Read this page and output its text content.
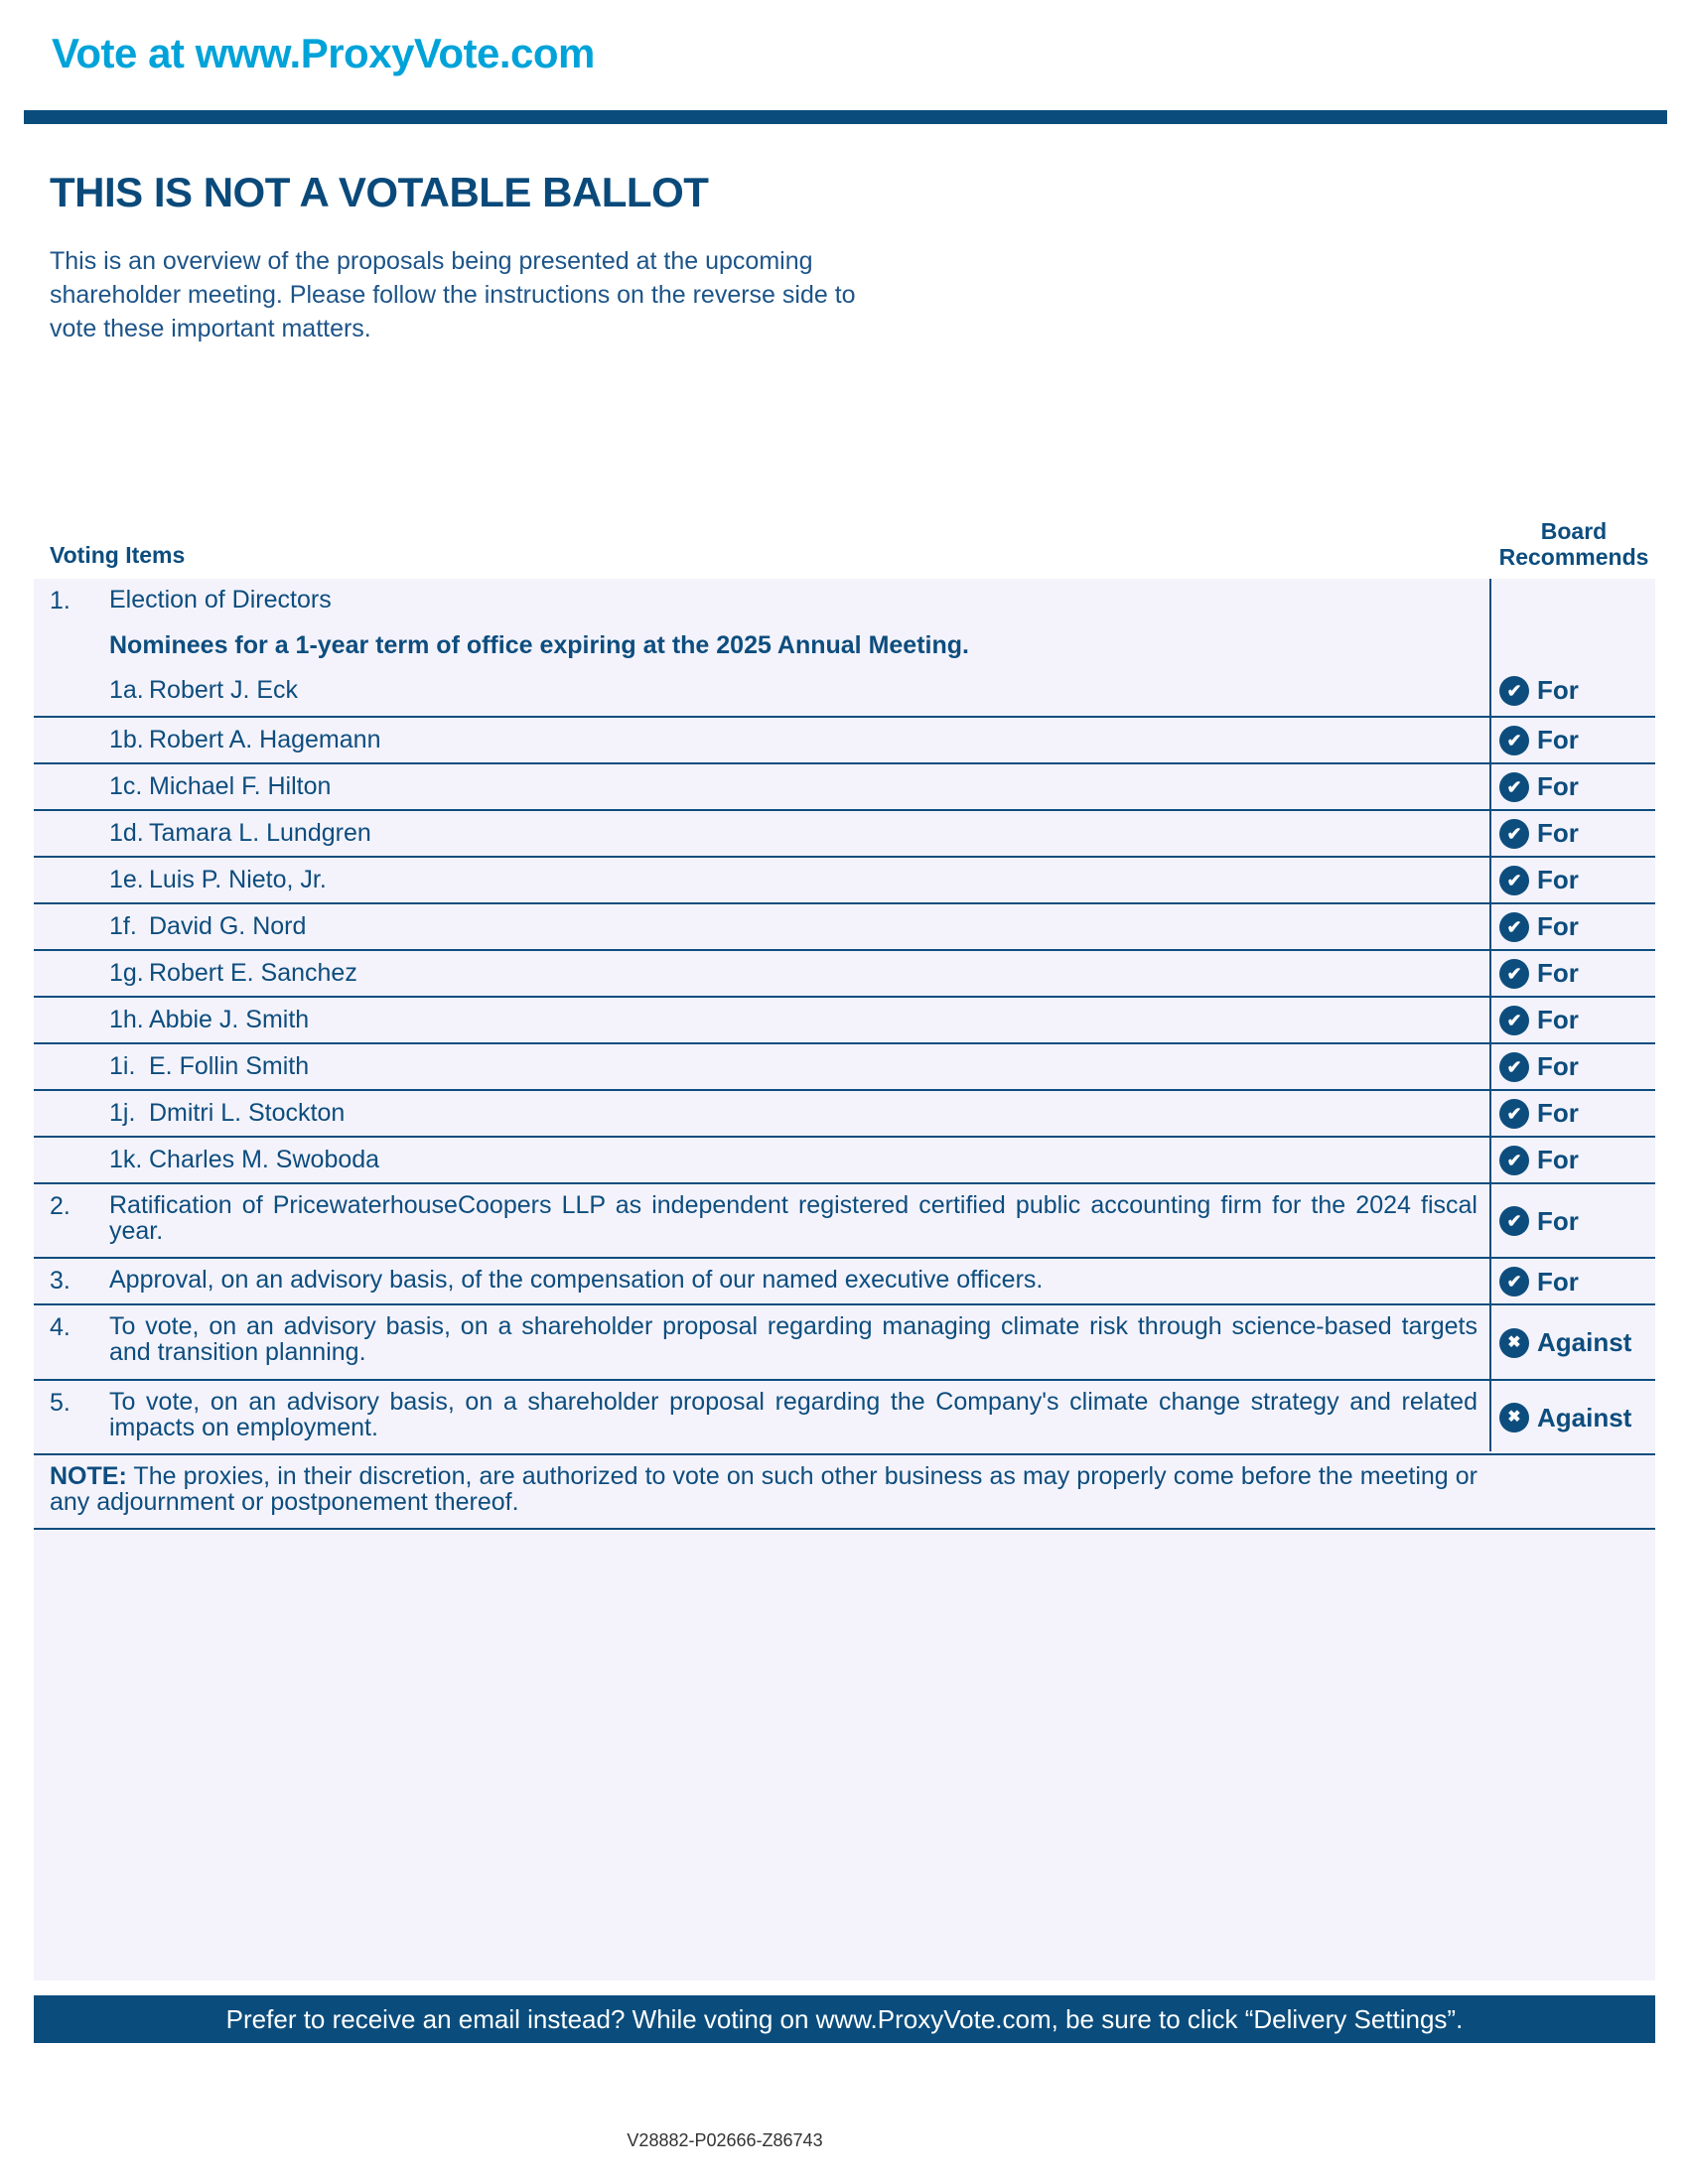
Vote at www.ProxyVote.com
THIS IS NOT A VOTABLE BALLOT
This is an overview of the proposals being presented at the upcoming shareholder meeting. Please follow the instructions on the reverse side to vote these important matters.
Voting Items
Board
Recommends
1. Election of Directors
Nominees for a 1-year term of office expiring at the 2025 Annual Meeting.
1a. Robert J. Eck	✔ For
1b. Robert A. Hagemann	✔ For
1c. Michael F. Hilton	✔ For
1d. Tamara L. Lundgren	✔ For
1e. Luis P. Nieto, Jr.	✔ For
1f. David G. Nord	✔ For
1g. Robert E. Sanchez	✔ For
1h. Abbie J. Smith	✔ For
1i. E. Follin Smith	✔ For
1j. Dmitri L. Stockton	✔ For
1k. Charles M. Swoboda	✔ For
2. Ratification of PricewaterhouseCoopers LLP as independent registered certified public accounting firm for the 2024 fiscal year.	✔ For
3. Approval, on an advisory basis, of the compensation of our named executive officers.	✔ For
4. To vote, on an advisory basis, on a shareholder proposal regarding managing climate risk through science-based targets and transition planning.	✖ Against
5. To vote, on an advisory basis, on a shareholder proposal regarding the Company's climate change strategy and related impacts on employment.	✖ Against
NOTE: The proxies, in their discretion, are authorized to vote on such other business as may properly come before the meeting or any adjournment or postponement thereof.
Prefer to receive an email instead? While voting on www.ProxyVote.com, be sure to click “Delivery Settings”.
V28882-P02666-Z86743
